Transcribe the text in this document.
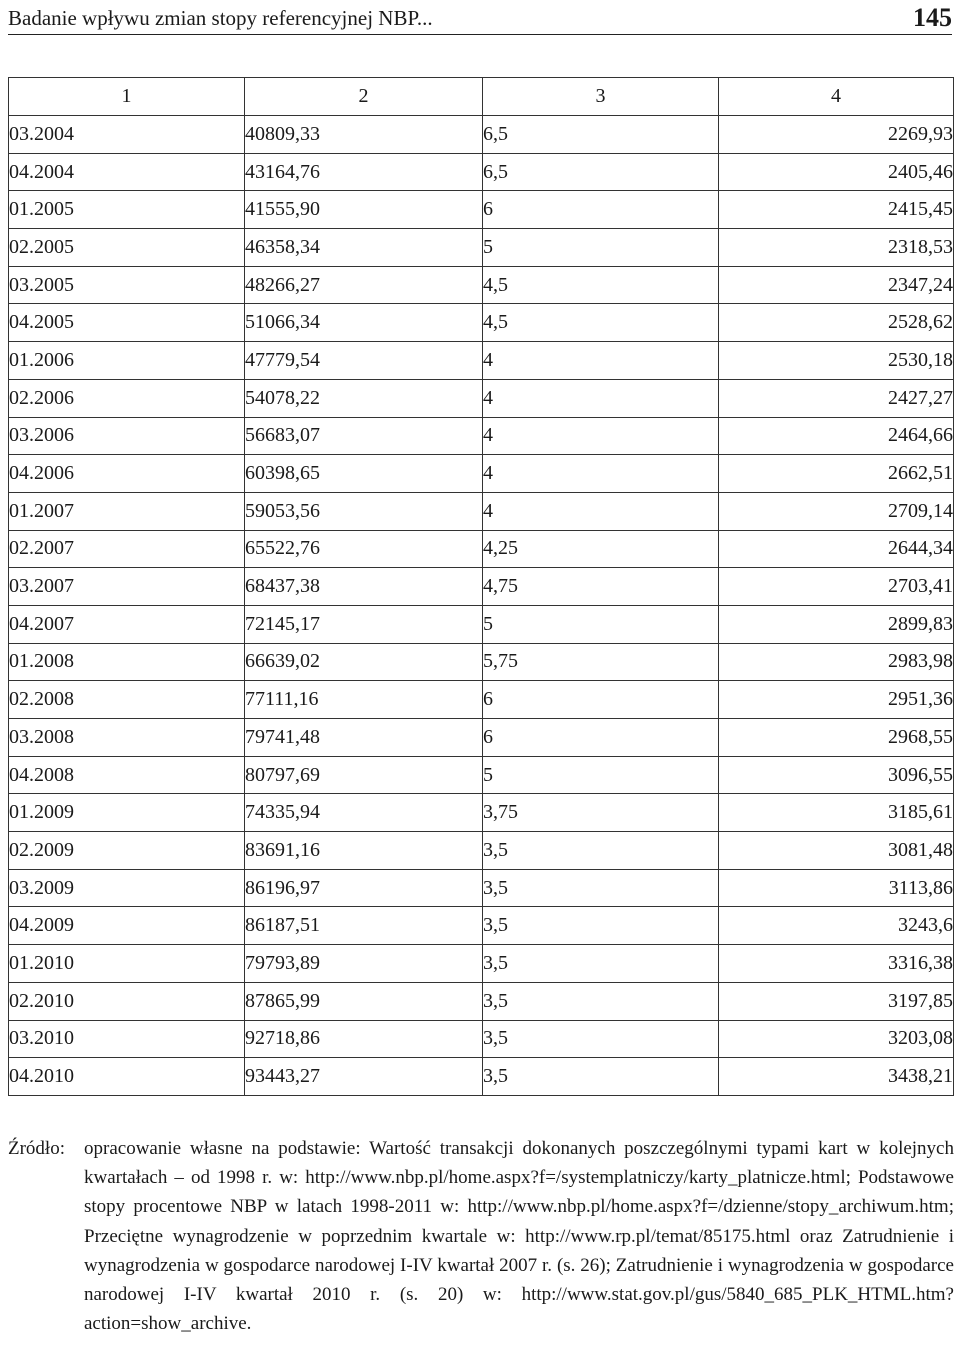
Badanie wpływu zmian stopy referencyjnej NBP...	145
1	2	3	4
03.2004	40809,33	6,5	2269,93
04.2004	43164,76	6,5	2405,46
01.2005	41555,90	6	2415,45
02.2005	46358,34	5	2318,53
03.2005	48266,27	4,5	2347,24
04.2005	51066,34	4,5	2528,62
01.2006	47779,54	4	2530,18
02.2006	54078,22	4	2427,27
03.2006	56683,07	4	2464,66
04.2006	60398,65	4	2662,51
01.2007	59053,56	4	2709,14
02.2007	65522,76	4,25	2644,34
03.2007	68437,38	4,75	2703,41
04.2007	72145,17	5	2899,83
01.2008	66639,02	5,75	2983,98
02.2008	77111,16	6	2951,36
03.2008	79741,48	6	2968,55
04.2008	80797,69	5	3096,55
01.2009	74335,94	3,75	3185,61
02.2009	83691,16	3,5	3081,48
03.2009	86196,97	3,5	3113,86
04.2009	86187,51	3,5	3243,6
01.2010	79793,89	3,5	3316,38
02.2010	87865,99	3,5	3197,85
03.2010	92718,86	3,5	3203,08
04.2010	93443,27	3,5	3438,21
Źródło: opracowanie własne na podstawie: Wartość transakcji dokonanych poszczególnymi typami kart w kolejnych kwartałach – od 1998 r. w: http://www.nbp.pl/home.aspx?f=/systemplatniczy/karty_platnicze.html; Podstawowe stopy procentowe NBP w latach 1998-2011 w: http://www.nbp.pl/home.aspx?f=/dzienne/stopy_archiwum.htm; Przeciętne wynagrodzenie w poprzednim kwartale w: http://www.rp.pl/temat/85175.html oraz Zatrudnienie i wynagrodzenia w gospodarce narodowej I-IV kwartał 2007 r. (s. 26); Zatrudnienie i wynagrodzenia w gospodarce narodowej I-IV kwartał 2010 r. (s. 20) w: http://www.stat.gov.pl/gus/5840_685_PLK_HTML.htm?action=show_archive.
